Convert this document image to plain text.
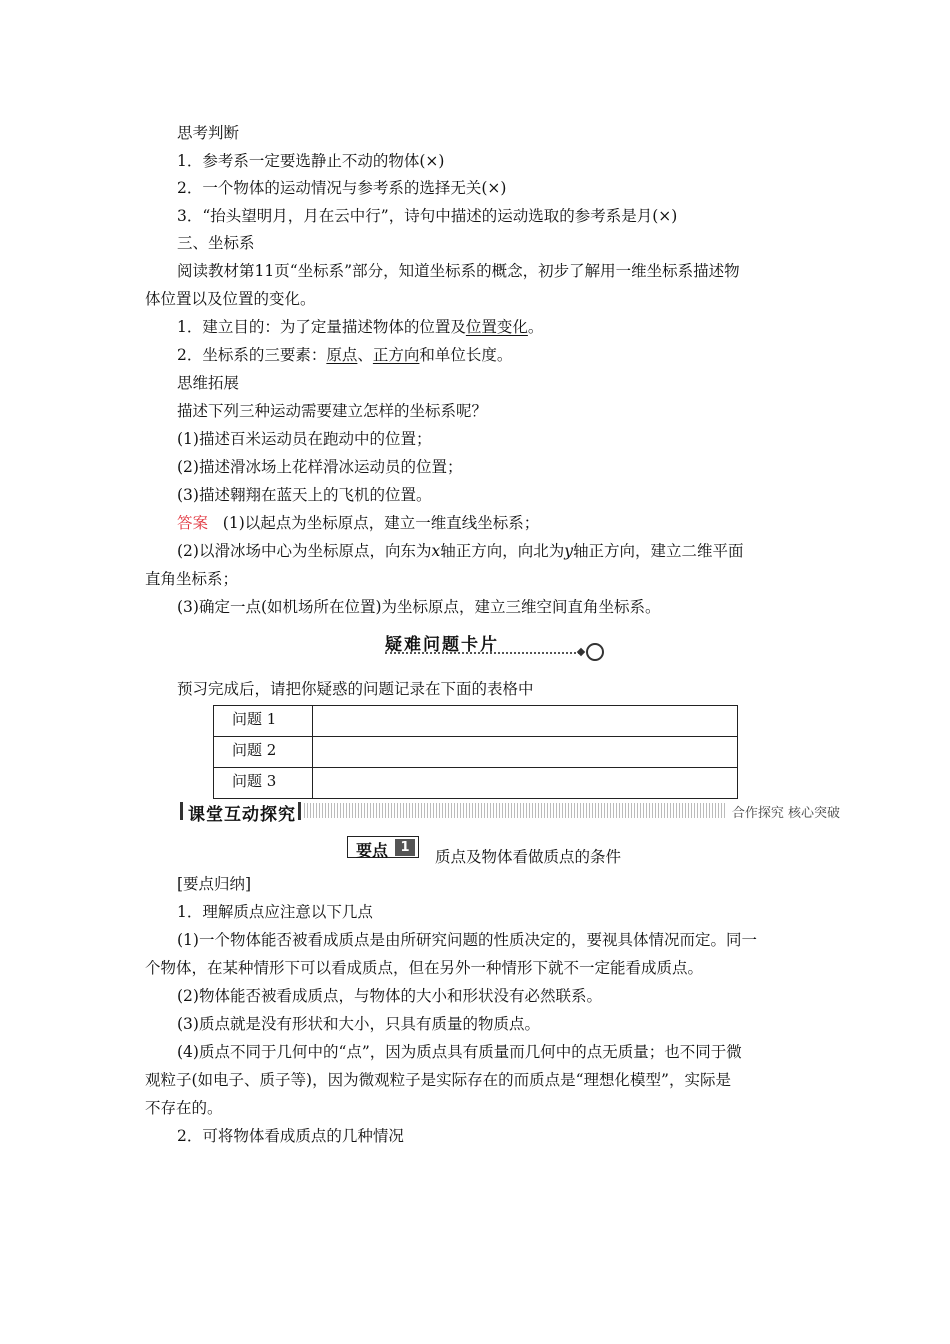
思考判断
1．参考系一定要选静止不动的物体(×)
2．一个物体的运动情况与参考系的选择无关(×)
3．“抬头望明月，月在云中行”，诗句中描述的运动选取的参考系是月(×)
三、坐标系
阅读教材第11页“坐标系”部分，知道坐标系的概念，初步了解用一维坐标系描述物
体位置以及位置的变化。
1．建立目的：为了定量描述物体的位置及位置变化。
2．坐标系的三要素：原点、正方向和单位长度。
思维拓展
描述下列三种运动需要建立怎样的坐标系呢？
(1)描述百米运动员在跑动中的位置；
(2)描述滑冰场上花样滑冰运动员的位置；
(3)描述翱翔在蓝天上的飞机的位置。
答案 (1)以起点为坐标原点，建立一维直线坐标系；
(2)以滑冰场中心为坐标原点，向东为x轴正方向，向北为y轴正方向，建立二维平面
直角坐标系；
(3)确定一点(如机场所在位置)为坐标原点，建立三维空间直角坐标系。
疑难问题卡片
预习完成后，请把你疑惑的问题记录在下面的表格中
问题 1	
问题 2	
问题 3	
课堂互动探究	合作探究 核心突破
要点 1
质点及物体看做质点的条件
[要点归纳]
1．理解质点应注意以下几点
(1)一个物体能否被看成质点是由所研究问题的性质决定的，要视具体情况而定。同一
个物体，在某种情形下可以看成质点，但在另外一种情形下就不一定能看成质点。
(2)物体能否被看成质点，与物体的大小和形状没有必然联系。
(3)质点就是没有形状和大小，只具有质量的物质点。
(4)质点不同于几何中的“点”，因为质点具有质量而几何中的点无质量；也不同于微
观粒子(如电子、质子等)，因为微观粒子是实际存在的而质点是“理想化模型”，实际是
不存在的。
2．可将物体看成质点的几种情况
